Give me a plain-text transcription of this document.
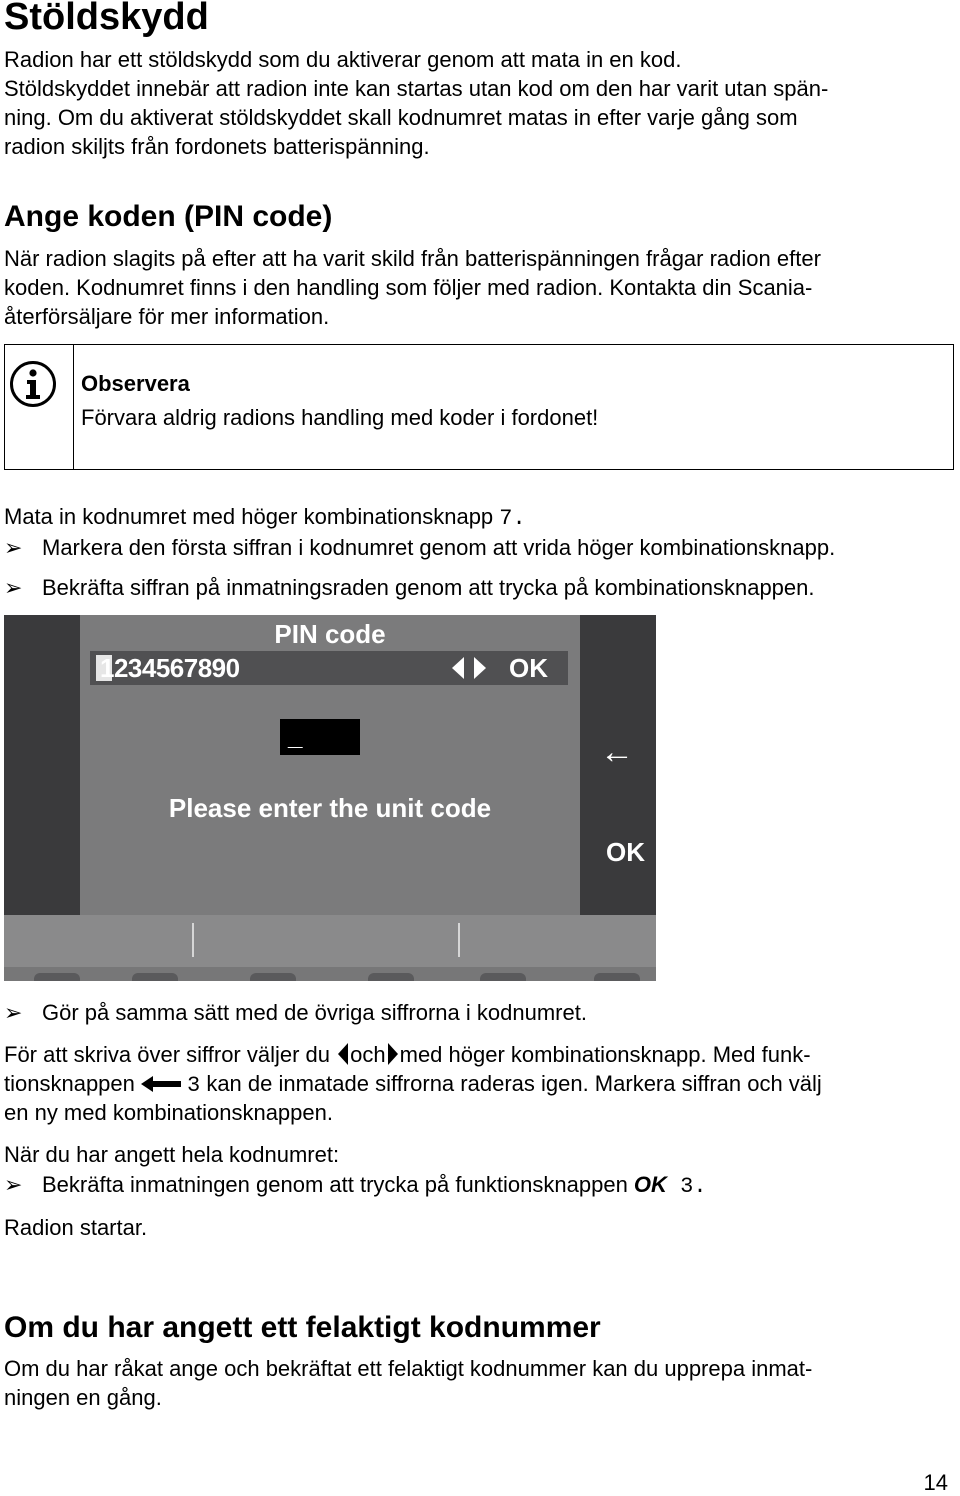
Stöldskydd
Radion har ett stöldskydd som du aktiverar genom att mata in en kod.
Stöldskyddet innebär att radion inte kan startas utan kod om den har varit utan spän-
ning. Om du aktiverat stöldskyddet skall kodnumret matas in efter varje gång som
radion skiljts från fordonets batterispänning.
Ange koden (PIN code)
När radion slagits på efter att ha varit skild från batterispänningen frågar radion efter
koden. Kodnumret finns i den handling som följer med radion. Kontakta din Scania-
återförsäljare för mer information.
Observera
Förvara aldrig radions handling med koder i fordonet!
Mata in kodnumret med höger kombinationsknapp 7.
➢ Markera den första siffran i kodnumret genom att vrida höger kombinationsknapp.
➢ Bekräfta siffran på inmatningsraden genom att trycka på kombinationsknappen.
PIN code
1234567890	OK
_
Please enter the unit code
←
OK
➢ Gör på samma sätt med de övriga siffrorna i kodnumret.
För att skriva över siffror väljer du och med höger kombinationsknapp. Med funk-
tionsknappen 3 kan de inmatade siffrorna raderas igen. Markera siffran och välj
en ny med kombinationsknappen.
När du har angett hela kodnumret:
➢ Bekräfta inmatningen genom att trycka på funktionsknappen OK 3.
Radion startar.
Om du har angett ett felaktigt kodnummer
Om du har råkat ange och bekräftat ett felaktigt kodnummer kan du upprepa inmat-
ningen en gång.
14
